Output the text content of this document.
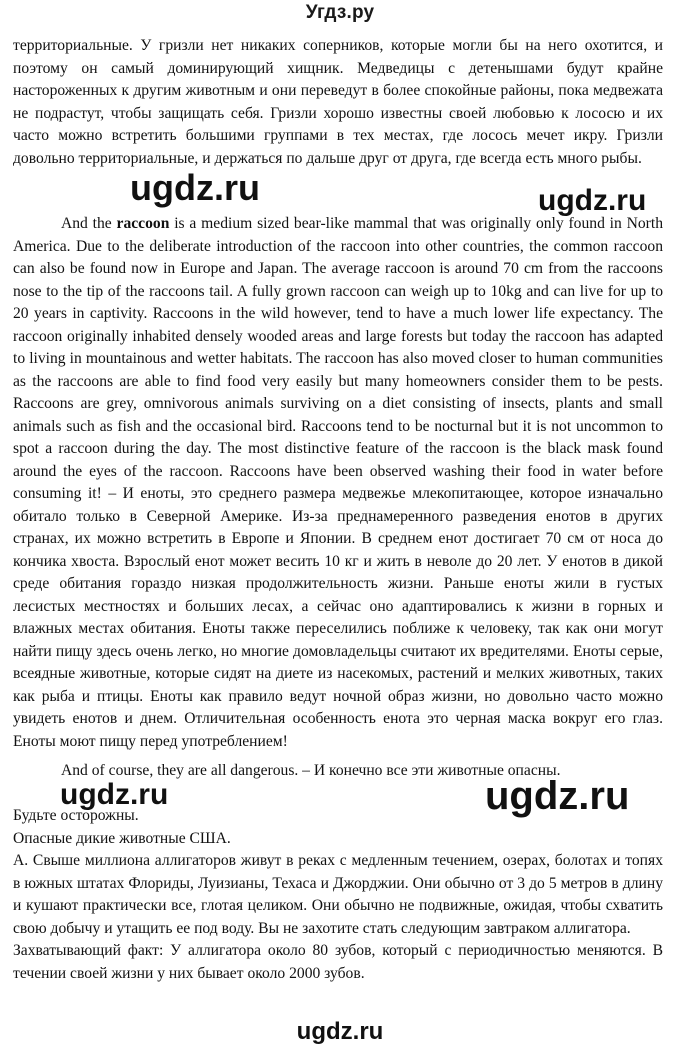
Угдз.ру

территориальные. У гризли нет никаких соперников, которые могли бы на него охотится, и поэтому он самый доминирующий хищник. Медведицы с детенышами будут крайне настороженных к другим животным и они переведут в более спокойные районы, пока медвежата не подрастут, чтобы защищать себя. Гризли хорошо известны своей любовью к лососю и их часто можно встретить большими группами в тех местах, где лосось мечет икру. Гризли довольно территориальные, и держаться по дальше друг от друга, где всегда есть много рыбы.

And the raccoon is a medium sized bear-like mammal that was originally only found in North America. Due to the deliberate introduction of the raccoon into other countries, the common raccoon can also be found now in Europe and Japan. The average raccoon is around 70 cm from the raccoons nose to the tip of the raccoons tail. A fully grown raccoon can weigh up to 10kg and can live for up to 20 years in captivity. Raccoons in the wild however, tend to have a much lower life expectancy. The raccoon originally inhabited densely wooded areas and large forests but today the raccoon has adapted to living in mountainous and wetter habitats. The raccoon has also moved closer to human communities as the raccoons are able to find food very easily but many homeowners consider them to be pests. Raccoons are grey, omnivorous animals surviving on a diet consisting of insects, plants and small animals such as fish and the occasional bird. Raccoons tend to be nocturnal but it is not uncommon to spot a raccoon during the day. The most distinctive feature of the raccoon is the black mask found around the eyes of the raccoon. Raccoons have been observed washing their food in water before consuming it! – И еноты, это среднего размера медвежье млекопитающее, которое изначально обитало только в Северной Америке. Из-за преднамеренного разведения енотов в других странах, их можно встретить в Европе и Японии. В среднем енот достигает 70 см от носа до кончика хвоста. Взрослый енот может весить 10 кг и жить в неволе до 20 лет. У енотов в дикой среде обитания гораздо низкая продолжительность жизни. Раньше еноты жили в густых лесистых местностях и больших лесах, а сейчас оно адаптировались к жизни в горных и влажных местах обитания. Еноты также переселились поближе к человеку, так как они могут найти пищу здесь очень легко, но многие домовладельцы считают их вредителями. Еноты серые, всеядные животные, которые сидят на диете из насекомых, растений и мелких животных, таких как рыба и птицы. Еноты как правило ведут ночной образ жизни, но довольно часто можно увидеть енотов и днем. Отличительная особенность енота это черная маска вокруг его глаз. Еноты моют пищу перед употреблением!

And of course, they are all dangerous. – И конечно все эти животные опасны.

Будьте осторожны.

Опасные дикие животные США.

А. Свыше миллиона аллигаторов живут в реках с медленным течением, озерах, болотах и топях в южных штатах Флориды, Луизианы, Техаса и Джорджии. Они обычно от 3 до 5 метров в длину и кушают практически все, глотая целиком. Они обычно не подвижные, ожидая, чтобы схватить свою добычу и утащить ее под воду. Вы не захотите стать следующим завтраком аллигатора.

Захватывающий факт: У аллигатора около 80 зубов, который с периодичностью меняются. В течении своей жизни у них бывает около 2000 зубов.

ugdz.ru	ugdz.ru
ugdz.ru	ugdz.ru
ugdz.ru
